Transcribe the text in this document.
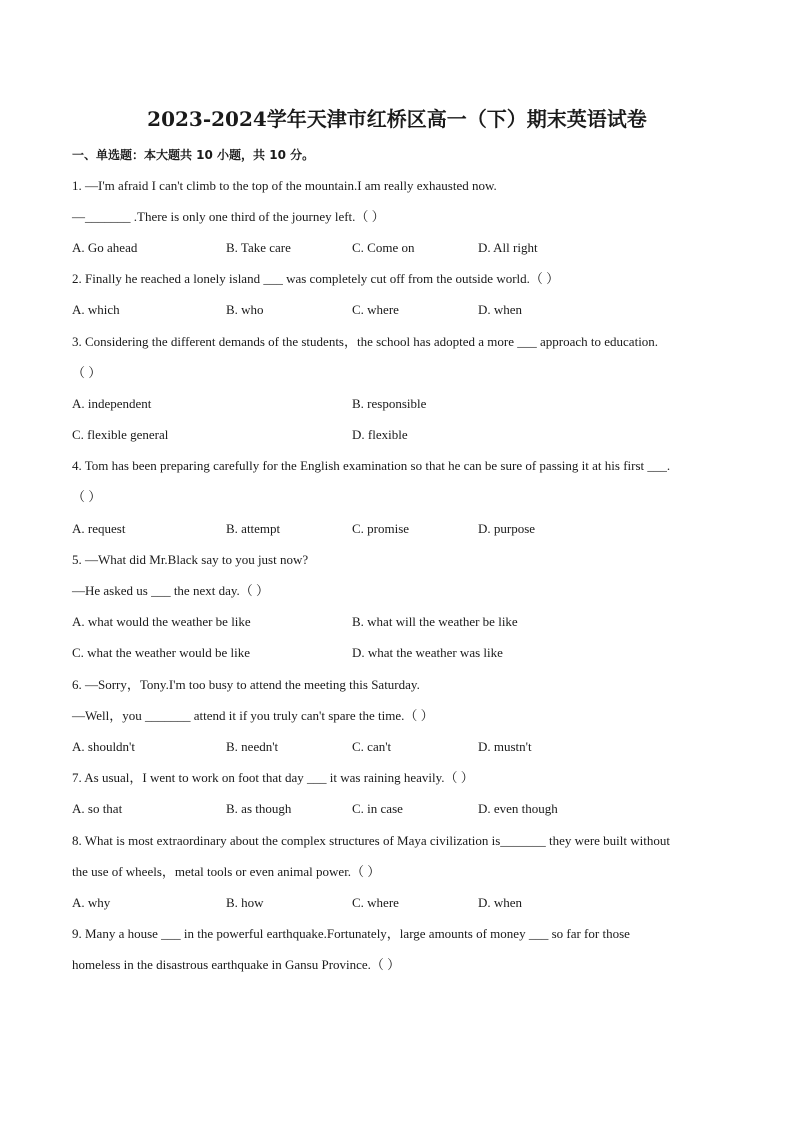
2023-2024学年天津市红桥区高一（下）期末英语试卷
一、单选题：本大题共 10 小题，共 10 分。
1. —I'm afraid I can't climb to the top of the mountain.I am really exhausted now.
—_______ .There is only one third of the journey left.（ ）
A. Go ahead	B. Take care	C. Come on	D. All right
2. Finally he reached a lonely island ___ was completely cut off from the outside world.（ ）
A. which	B. who	C. where	D. when
3. Considering the different demands of the students，the school has adopted a more ___ approach to education.
（ ）
A. independent	B. responsible
C. flexible general	D. flexible
4. Tom has been preparing carefully for the English examination so that he can be sure of passing it at his first ___.
（ ）
A. request	B. attempt	C. promise	D. purpose
5. —What did Mr.Black say to you just now?
—He asked us ___ the next day.（ ）
A. what would the weather be like	B. what will the weather be like
C. what the weather would be like	D. what the weather was like
6. —Sorry，Tony.I'm too busy to attend the meeting this Saturday.
—Well，you _______ attend it if you truly can't spare the time.（ ）
A. shouldn't	B. needn't	C. can't	D. mustn't
7. As usual，I went to work on foot that day ___ it was raining heavily.（ ）
A. so that	B. as though	C. in case	D. even though
8. What is most extraordinary about the complex structures of Maya civilization is_______ they were built without
the use of wheels，metal tools or even animal power.（ ）
A. why	B. how	C. where	D. when
9. Many a house ___ in the powerful earthquake.Fortunately，large amounts of money ___ so far for those
homeless in the disastrous earthquake in Gansu Province.（ ）
